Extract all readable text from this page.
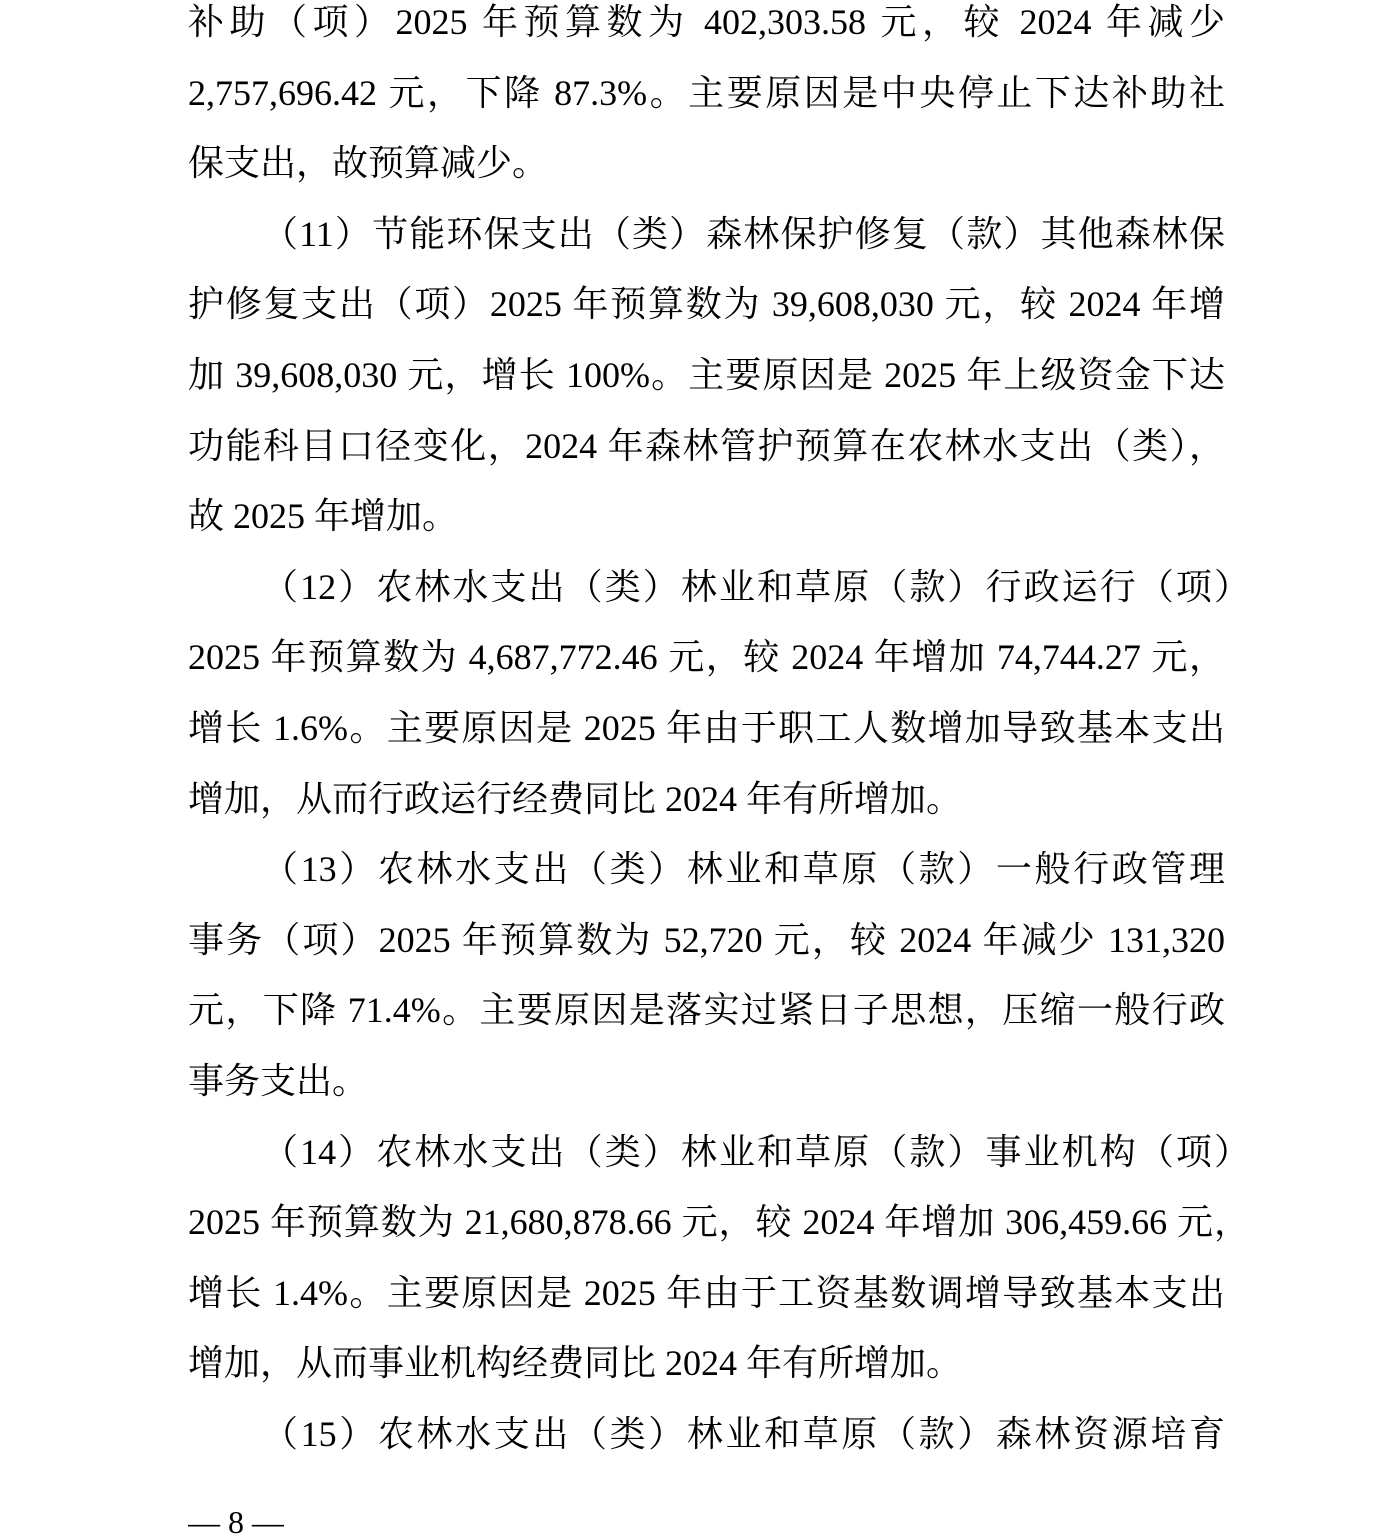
补助（项）2025 年预算数为 402,303.58 元，较 2024 年减少
2,757,696.42 元，下降 87.3%。主要原因是中央停止下达补助社
保支出，故预算减少。
（11）节能环保支出（类）森林保护修复（款）其他森林保
护修复支出（项）2025 年预算数为 39,608,030 元，较 2024 年增
加 39,608,030 元，增长 100%。主要原因是 2025 年上级资金下达
功能科目口径变化，2024 年森林管护预算在农林水支出（类），
故 2025 年增加。
（12）农林水支出（类）林业和草原（款）行政运行（项）
2025 年预算数为 4,687,772.46 元，较 2024 年增加 74,744.27 元，
增长 1.6%。主要原因是 2025 年由于职工人数增加导致基本支出
增加，从而行政运行经费同比 2024 年有所增加。
（13）农林水支出（类）林业和草原（款）一般行政管理
事务（项）2025 年预算数为 52,720 元，较 2024 年减少 131,320
元，下降 71.4%。主要原因是落实过紧日子思想，压缩一般行政
事务支出。
（14）农林水支出（类）林业和草原（款）事业机构（项）
2025 年预算数为 21,680,878.66 元，较 2024 年增加 306,459.66 元，
增长 1.4%。主要原因是 2025 年由于工资基数调增导致基本支出
增加，从而事业机构经费同比 2024 年有所增加。
（15）农林水支出（类）林业和草原（款）森林资源培育
— 8 —
